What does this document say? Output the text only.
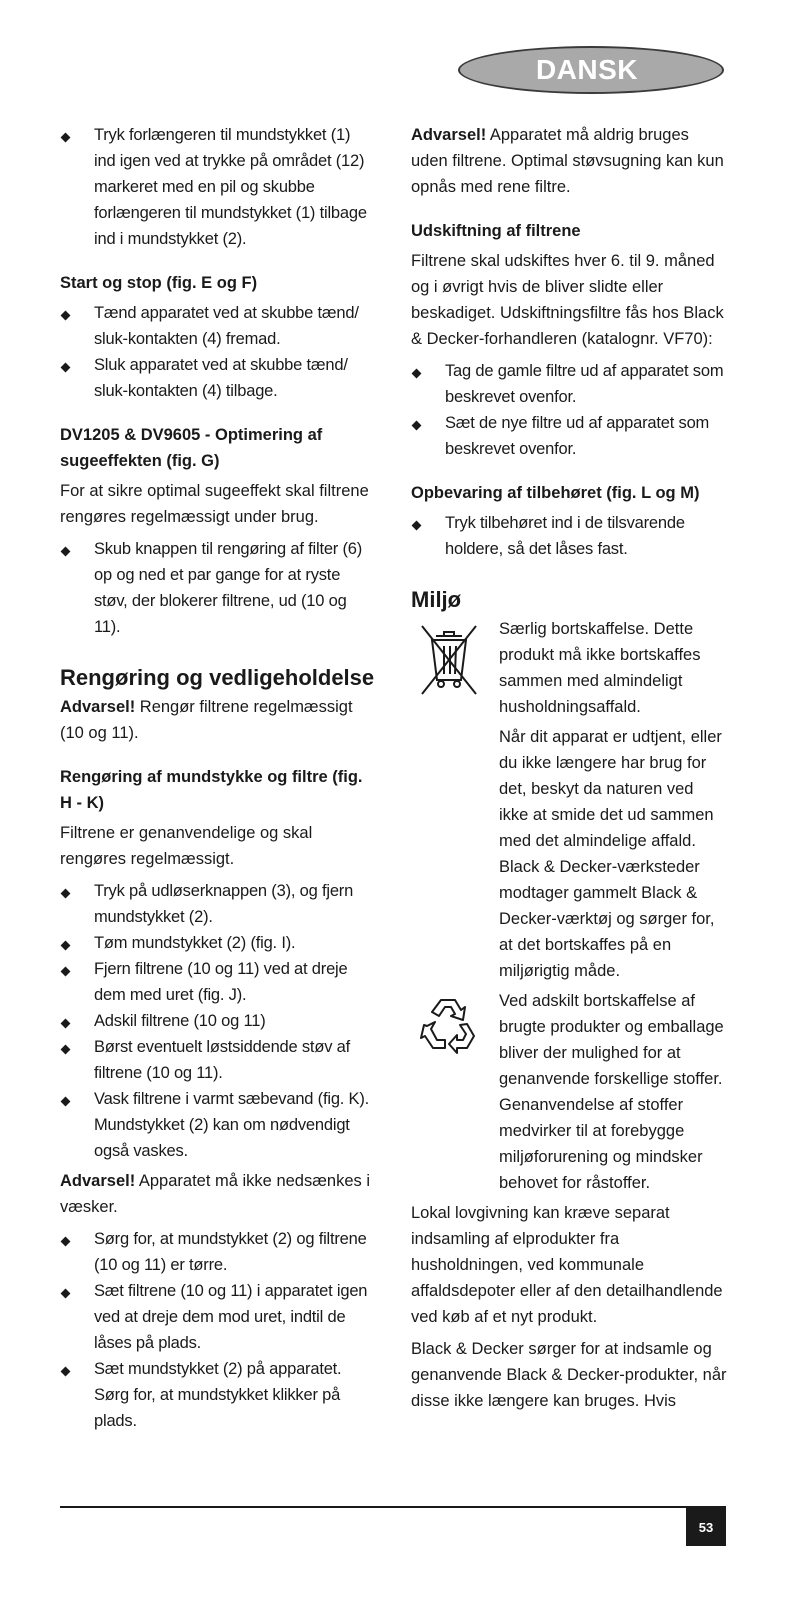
DANSK
Tryk forlængeren til mundstykket (1) ind igen ved at trykke på området (12) markeret med en pil og skubbe forlængeren til mundstykket (1) tilbage ind i mundstykket (2).
Start og stop (fig. E og F)
Tænd apparatet ved at skubbe tænd/ sluk-kontakten (4) fremad.
Sluk apparatet ved at skubbe tænd/ sluk-kontakten (4) tilbage.
DV1205 & DV9605 - Optimering af sugeeffekten (fig. G)

For at sikre optimal sugeeffekt skal filtrene rengøres regelmæssigt under brug.

Skub knappen til rengøring af filter (6) op og ned et par gange for at ryste støv, der blokerer filtrene, ud (10 og 11).
Rengøring og vedligeholdelse

Advarsel! Rengør filtrene regelmæssigt (10 og 11).

Rengøring af mundstykke og filtre (fig. H - K)

Filtrene er genanvendelige og skal rengøres regelmæssigt.

Tryk på udløserknappen (3), og fjern mundstykket (2).
Tøm mundstykket (2) (fig. I).
Fjern filtrene (10 og 11) ved at dreje dem med uret (fig. J).
Adskil filtrene (10 og 11)
Børst eventuelt løstsiddende støv af filtrene (10 og 11).
Vask filtrene i varmt sæbevand (fig. K). Mundstykket (2) kan om nødvendigt også vaskes.

Advarsel! Apparatet må ikke nedsænkes i væsker.

Sørg for, at mundstykket (2) og filtrene (10 og 11) er tørre.
Sæt filtrene (10 og 11) i apparatet igen ved at dreje dem mod uret, indtil de låses på plads.
Sæt mundstykket (2) på apparatet. Sørg for, at mundstykket klikker på plads.

Advarsel! Apparatet må aldrig bruges uden filtrene. Optimal støvsugning kan kun opnås med rene filtre.

Udskiftning af filtrene

Filtrene skal udskiftes hver 6. til 9. måned og i øvrigt hvis de bliver slidte eller beskadiget. Udskiftningsfiltre fås hos Black & Decker-forhandleren (katalognr. VF70):

Tag de gamle filtre ud af apparatet som beskrevet ovenfor.
Sæt de nye filtre ud af apparatet som beskrevet ovenfor.
Opbevaring af tilbehøret (fig. L og M)
Tryk tilbehøret ind i de tilsvarende holdere, så det låses fast.
Miljø

Særlig bortskaffelse. Dette produkt må ikke bortskaffes sammen med almindeligt husholdningsaffald.

Når dit apparat er udtjent, eller du ikke længere har brug for det, beskyt da naturen ved ikke at smide det ud sammen med det almindelige affald. Black & Decker-værksteder modtager gammelt Black & Decker-værktøj og sørger for, at det bortskaffes på en miljørigtig måde.

Ved adskilt bortskaffelse af brugte produkter og emballage bliver der mulighed for at genanvende forskellige stoffer. Genanvendelse af stoffer medvirker til at forebygge miljøforurening og mindsker behovet for råstoffer.

Lokal lovgivning kan kræve separat indsamling af elprodukter fra husholdningen, ved kommunale affaldsdepoter eller af den detailhandlende ved køb af et nyt produkt.

Black & Decker sørger for at indsamle og genanvende Black & Decker-produkter, når disse ikke længere kan bruges. Hvis

53
